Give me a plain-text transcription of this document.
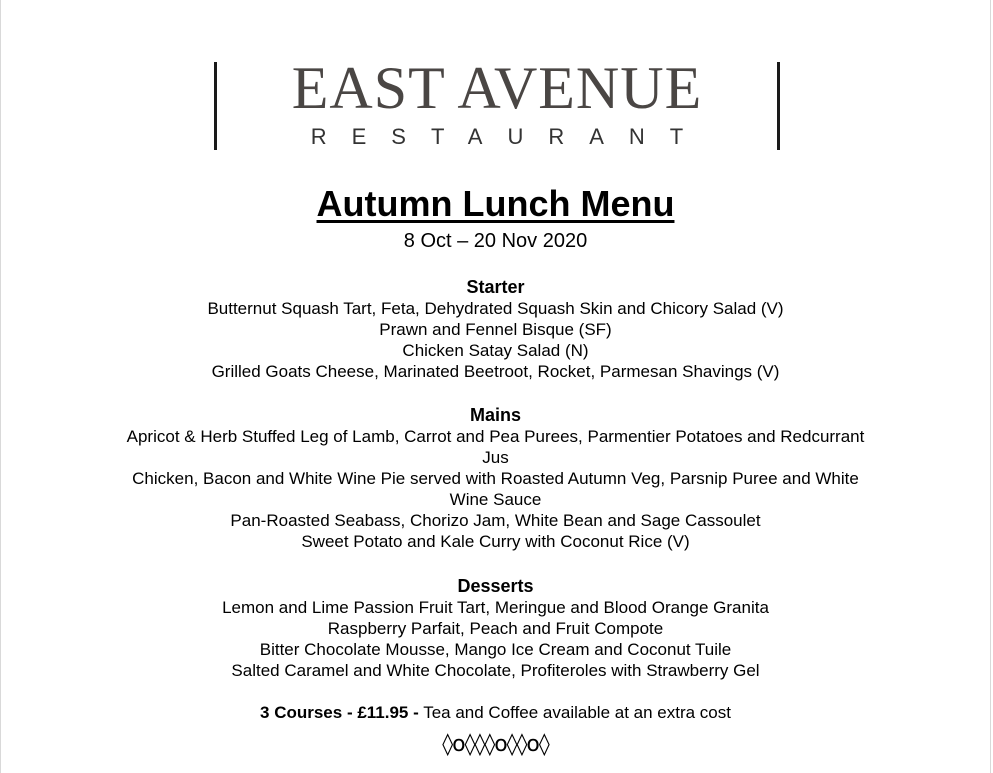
EAST AVENUE
RESTAURANT
Autumn Lunch Menu
8 Oct – 20 Nov 2020
Starter
Butternut Squash Tart, Feta, Dehydrated Squash Skin and Chicory Salad (V)
Prawn and Fennel Bisque (SF)
Chicken Satay Salad (N)
Grilled Goats Cheese, Marinated Beetroot, Rocket, Parmesan Shavings (V)
Mains
Apricot & Herb Stuffed Leg of Lamb, Carrot and Pea Purees, Parmentier Potatoes and Redcurrant Jus
Chicken, Bacon and White Wine Pie served with Roasted Autumn Veg, Parsnip Puree and White Wine Sauce
Pan-Roasted Seabass, Chorizo Jam, White Bean and Sage Cassoulet
Sweet Potato and Kale Curry with Coconut Rice (V)
Desserts
Lemon and Lime Passion Fruit Tart, Meringue and Blood Orange Granita
Raspberry Parfait, Peach and Fruit Compote
Bitter Chocolate Mousse, Mango Ice Cream and Coconut Tuile
Salted Caramel and White Chocolate, Profiteroles with Strawberry Gel
3 Courses - £11.95 - Tea and Coffee available at an extra cost
◊o◊◊◊o◊◊o◊
